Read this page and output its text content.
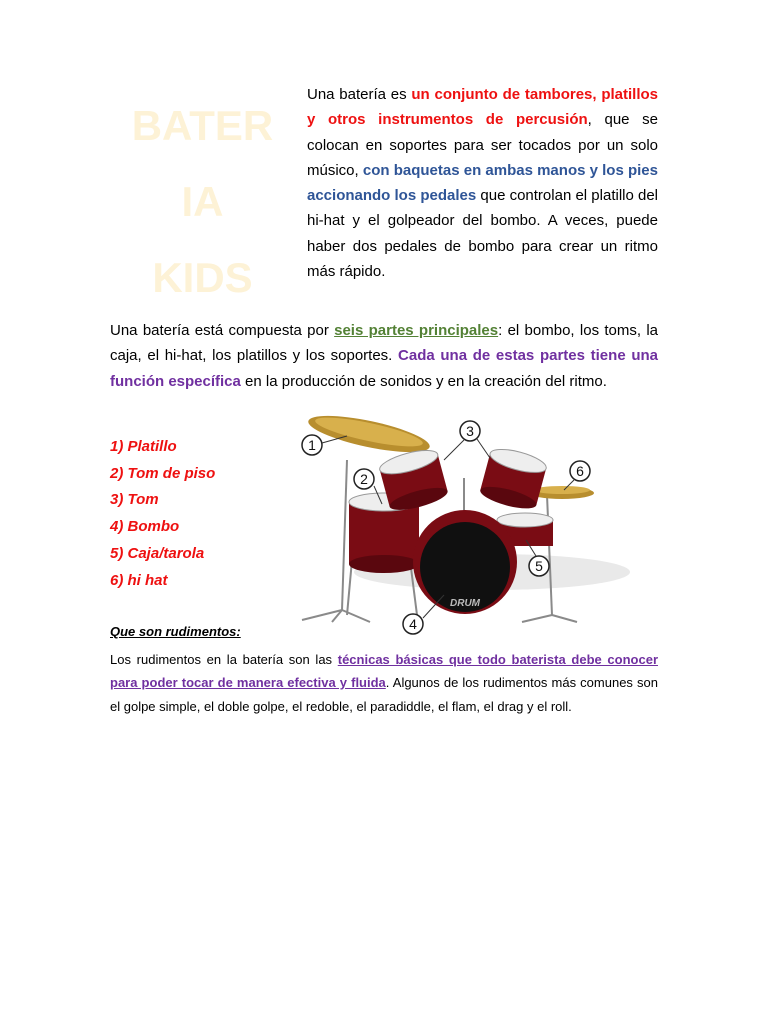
BATER
IA
KIDS

Una batería es un conjunto de tambores, platillos y otros instrumentos de percusión, que se colocan en soportes para ser tocados por un solo músico, con baquetas en ambas manos y los pies accionando los pedales que controlan el platillo del hi-hat y el golpeador del bombo. A veces, puede haber dos pedales de bombo para crear un ritmo más rápido.

Una batería está compuesta por seis partes principales: el bombo, los toms, la caja, el hi-hat, los platillos y los soportes. Cada una de estas partes tiene una función específica en la producción de sonidos y en la creación del ritmo.

1) Platillo
2) Tom de piso
3) Tom
4) Bombo
5) Caja/tarola
6) hi hat
DRUM
1
2
3
4
5
6
Que son rudimentos:

Los rudimentos en la batería son las técnicas básicas que todo baterista debe conocer para poder tocar de manera efectiva y fluida. Algunos de los rudimentos más comunes son el golpe simple, el doble golpe, el redoble, el paradiddle, el flam, el drag y el roll.
